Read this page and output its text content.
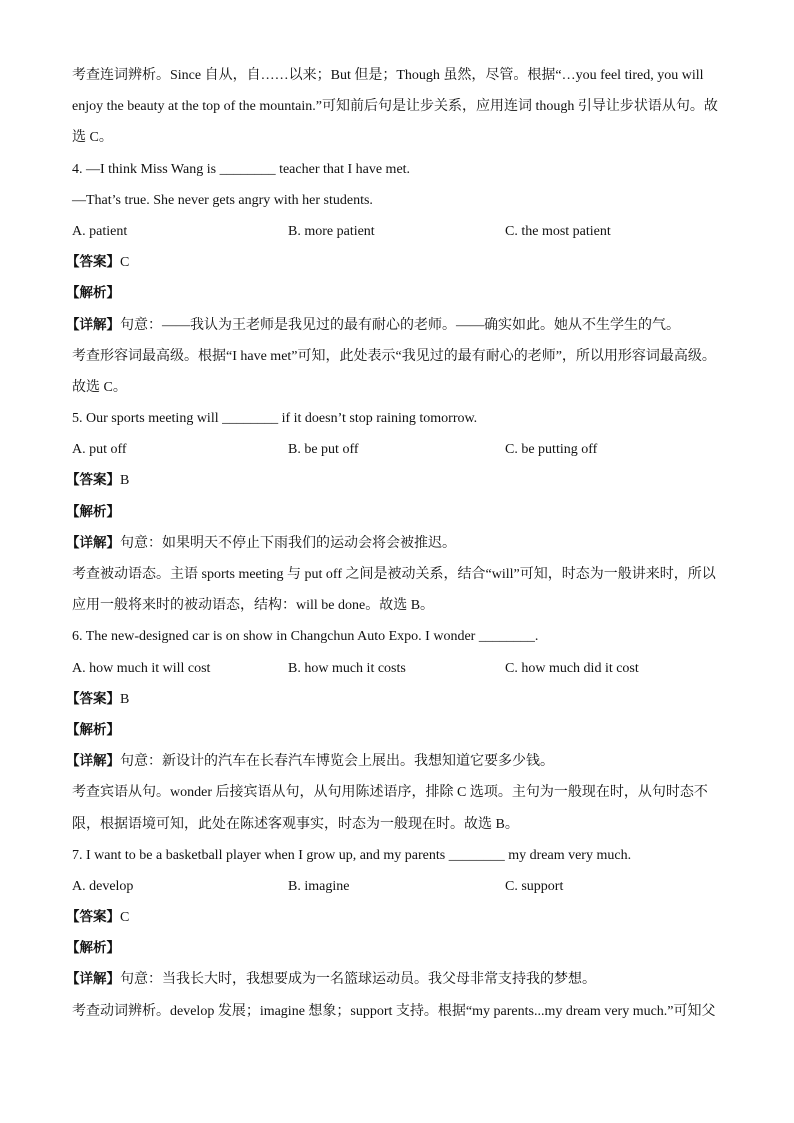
考查连词辨析。Since 自从，自……以来；But 但是；Though 虽然，尽管。根据“…you feel tired, you will
enjoy the beauty at the top of the mountain.”可知前后句是让步关系，应用连词 though 引导让步状语从句。故
选 C。
4. —I think Miss Wang is ________ teacher that I have met.
—That’s true. She never gets angry with her students.
A. patient	B. more patient	C. the most patient
【答案】C
【解析】
【详解】句意：——我认为王老师是我见过的最有耐心的老师。——确实如此。她从不生学生的气。
考查形容词最高级。根据“I have met”可知，此处表示“我见过的最有耐心的老师”，所以用形容词最高级。
故选 C。
5. Our sports meeting will ________ if it doesn’t stop raining tomorrow.
A. put off	B. be put off	C. be putting off
【答案】B
【解析】
【详解】句意：如果明天不停止下雨我们的运动会将会被推迟。
考查被动语态。主语 sports meeting 与 put off 之间是被动关系，结合“will”可知，时态为一般讲来时，所以
应用一般将来时的被动语态，结构：will be done。故选 B。
6. The new-designed car is on show in Changchun Auto Expo. I wonder ________.
A. how much it will cost	B. how much it costs	C. how much did it cost
【答案】B
【解析】
【详解】句意：新设计的汽车在长春汽车博览会上展出。我想知道它要多少钱。
考查宾语从句。wonder 后接宾语从句，从句用陈述语序，排除 C 选项。主句为一般现在时，从句时态不
限，根据语境可知，此处在陈述客观事实，时态为一般现在时。故选 B。
7. I want to be a basketball player when I grow up, and my parents ________ my dream very much.
A. develop	B. imagine	C. support
【答案】C
【解析】
【详解】句意：当我长大时，我想要成为一名篮球运动员。我父母非常支持我的梦想。
考查动词辨析。develop 发展；imagine 想象；support 支持。根据“my parents...my dream very much.”可知父
